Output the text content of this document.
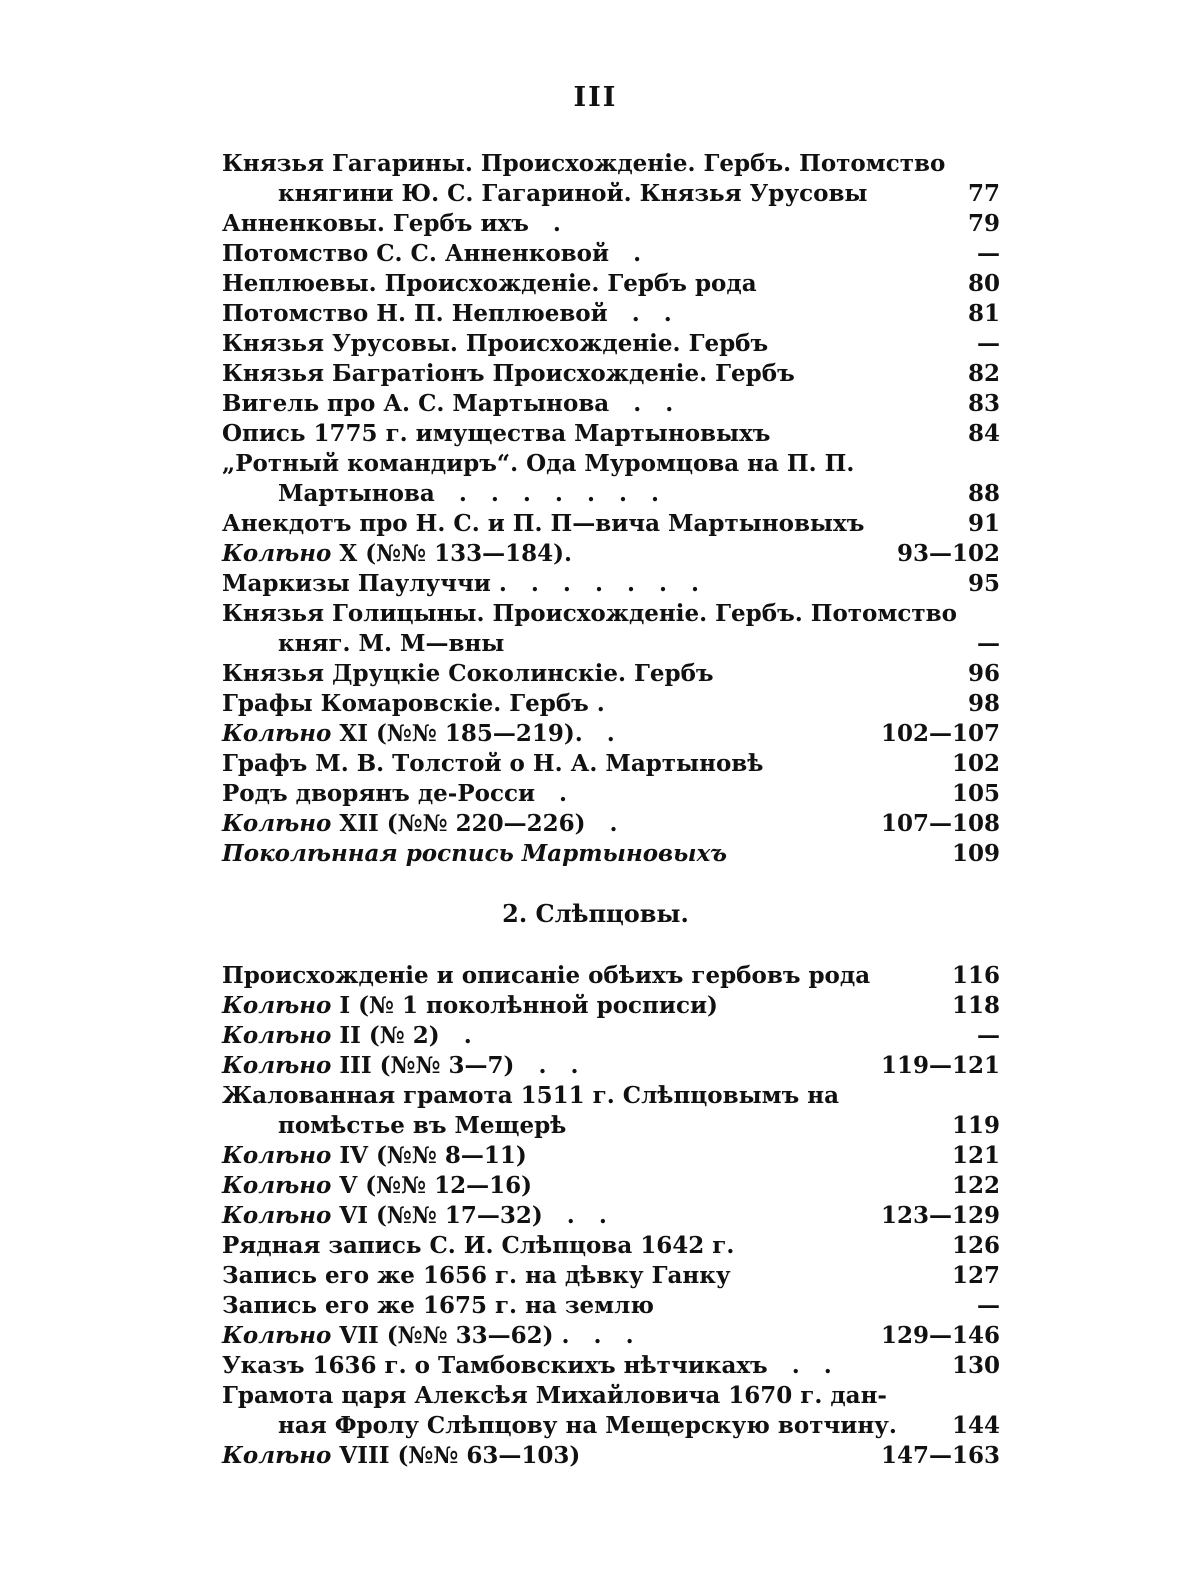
III
Князья Гагарины. Происхожденіе. Гербъ. Потомство
княгини Ю. С. Гагариной. Князья Урусовы	77
Анненковы. Гербъ ихъ   .	79
Потомство С. С. Анненковой   .	—
Неплюевы. Происхожденіе. Гербъ рода	80
Потомство Н. П. Неплюевой   .   .	81
Князья Урусовы. Происхожденіе. Гербъ	—
Князья Багратіонъ Происхожденіе. Гербъ	82
Вигель про А. С. Мартынова   .   .	83
Опись 1775 г. имущества Мартыновыхъ	84
„Ротный командиръ“. Ода Муромцова на П. П.
Мартынова   .   .   .   .   .   .   .	88
Анекдотъ про Н. С. и П. П—вича Мартыновыхъ	91
Колѣно X (№№ 133—184).	93—102
Маркизы Паулуччи .   .   .   .   .   .   .	95
Князья Голицыны. Происхожденіе. Гербъ. Потомство
княг. М. М—вны	—
Князья Друцкіе Соколинскіе. Гербъ	96
Графы Комаровскіе. Гербъ .	98
Колѣно XI (№№ 185—219).   .	102—107
Графъ М. В. Толстой о Н. А. Мартыновѣ	102
Родъ дворянъ де-Росси   .	105
Колѣно XII (№№ 220—226)   .	107—108
Поколѣнная роспись Мартыновыхъ	109
2. Слѣпцовы.
Происхожденіе и описаніе обѣихъ гербовъ рода	116
Колѣно I (№ 1 поколѣнной росписи)	118
Колѣно II (№ 2)   .	—
Колѣно III (№№ 3—7)   .   .	119—121
Жалованная грамота 1511 г. Слѣпцовымъ на
помѣстье въ Мещерѣ	119
Колѣно IV (№№ 8—11)	121
Колѣно V (№№ 12—16)	122
Колѣно VI (№№ 17—32)   .   .	123—129
Рядная запись С. И. Слѣпцова 1642 г.	126
Запись его же 1656 г. на дѣвку Ганку	127
Запись его же 1675 г. на землю	—
Колѣно VII (№№ 33—62) .   .   .	129—146
Указъ 1636 г. о Тамбовскихъ нѣтчикахъ   .   .	130
Грамота царя Алексѣя Михайловича 1670 г. дан-
ная Фролу Слѣпцову на Мещерскую вотчину. 144
Колѣно VIII (№№ 63—103)	147—163
